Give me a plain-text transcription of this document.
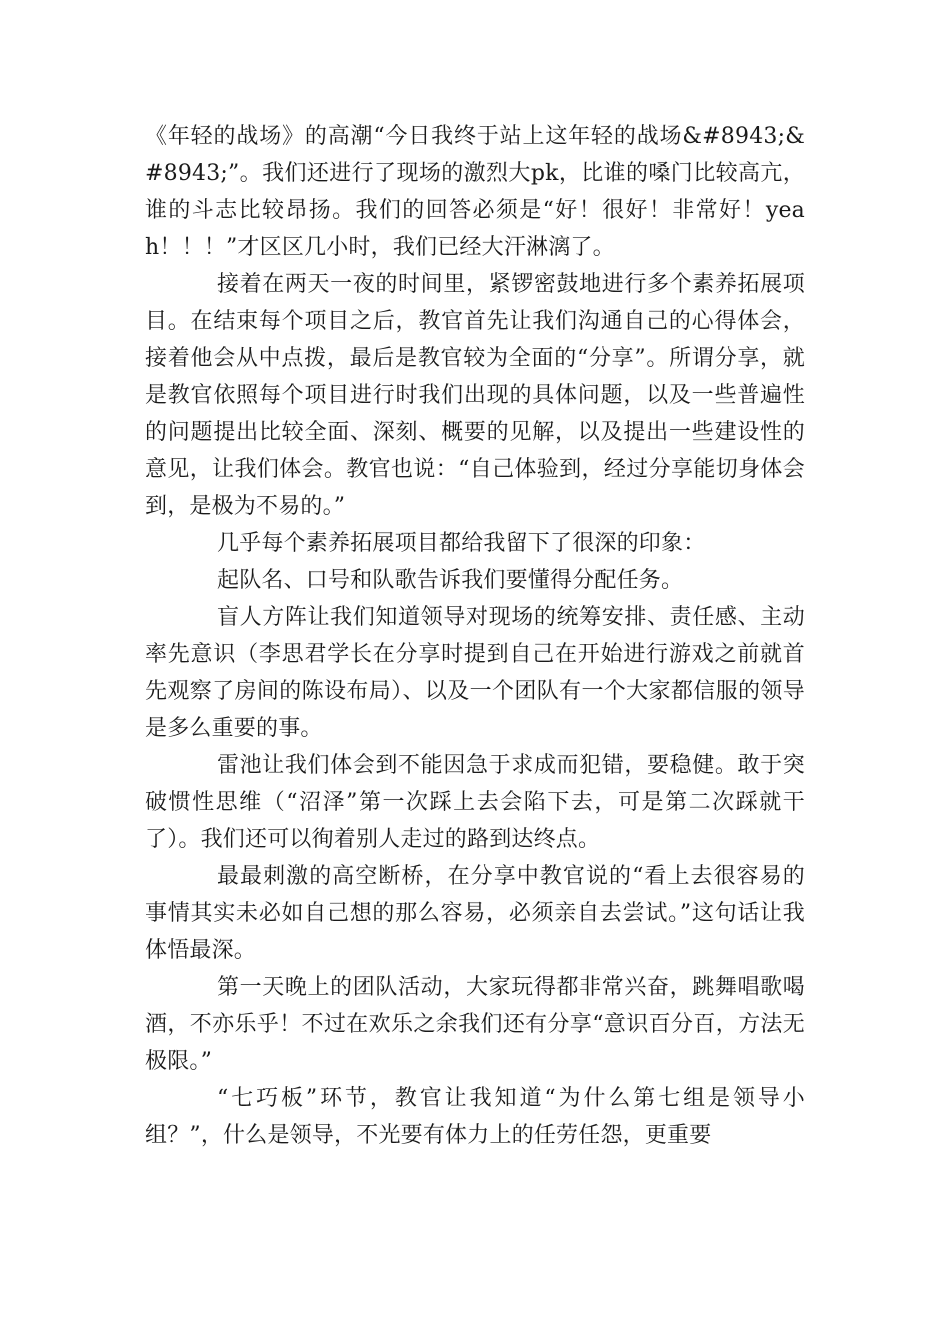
《年轻的战场》的高潮“今日我终于站上这年轻的战场&#8943;&#8943;”。我们还进行了现场的激烈大pk，比谁的嗓门比较高亢，谁的斗志比较昂扬。我们的回答必须是“好！很好！非常好！yeah！！！”才区区几小时，我们已经大汗淋漓了。

接着在两天一夜的时间里，紧锣密鼓地进行多个素养拓展项目。在结束每个项目之后，教官首先让我们沟通自己的心得体会，接着他会从中点拨，最后是教官较为全面的“分享”。所谓分享，就是教官依照每个项目进行时我们出现的具体问题，以及一些普遍性的问题提出比较全面、深刻、概要的见解，以及提出一些建设性的意见，让我们体会。教官也说：“自己体验到，经过分享能切身体会到，是极为不易的。”

几乎每个素养拓展项目都给我留下了很深的印象：

起队名、口号和队歌告诉我们要懂得分配任务。

盲人方阵让我们知道领导对现场的统筹安排、责任感、主动率先意识（李思君学长在分享时提到自己在开始进行游戏之前就首先观察了房间的陈设布局）、以及一个团队有一个大家都信服的领导是多么重要的事。

雷池让我们体会到不能因急于求成而犯错，要稳健。敢于突破惯性思维（“沼泽”第一次踩上去会陷下去，可是第二次踩就干了）。我们还可以徇着别人走过的路到达终点。

最最刺激的高空断桥，在分享中教官说的“看上去很容易的事情其实未必如自己想的那么容易，必须亲自去尝试。”这句话让我体悟最深。

第一天晚上的团队活动，大家玩得都非常兴奋，跳舞唱歌喝酒，不亦乐乎！不过在欢乐之余我们还有分享“意识百分百，方法无极限。”

“七巧板”环节，教官让我知道“为什么第七组是领导小组？”，什么是领导，不光要有体力上的任劳任怨，更重要
